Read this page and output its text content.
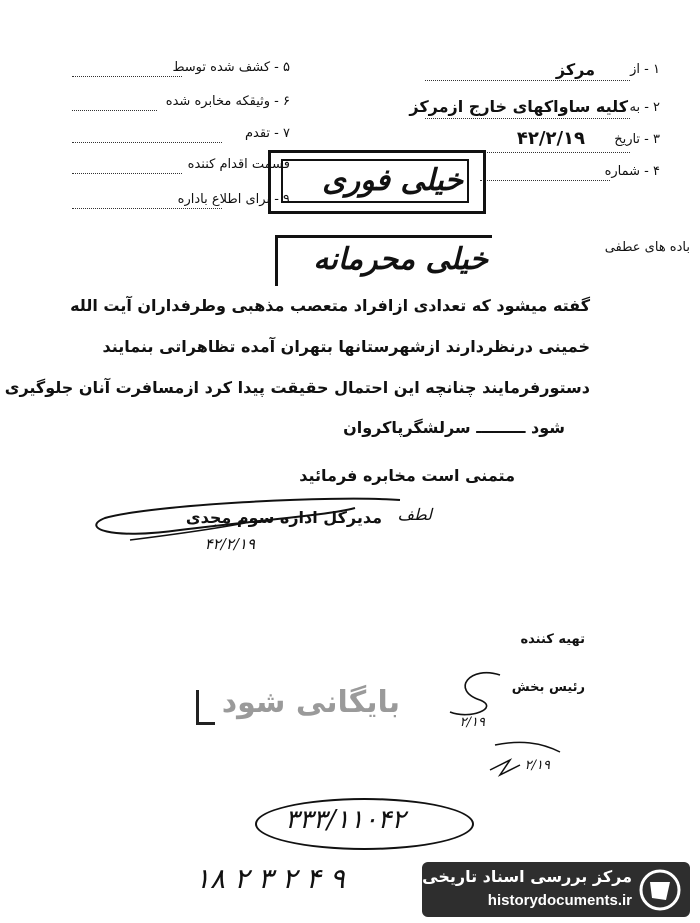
۵ - کشف شده توسط
۶ - وثیقکه مخابره شده
۷ - تقدم
قسمت اقدام کننده
۹ - برای اطلاع باداره
۱ - از
مرکز
۲ - به
کلیه ساواکهای خارج ازمرکز
۳ - تاریخ
۴۲/۲/۱۹
۴ - شماره
خیلی فوری
باده های عطفی
خیلی محرمانه
گفته میشود که تعدادی ازافراد متعصب مذهبی وطرفداران آیت الله
خمینی درنظردارند ازشهرستانها بتهران آمده تظاهراتی بنمایند
دستورفرمایند چنانچه این احتمال حقیقت پیدا کرد ازمسافرت آنان جلوگیری
شود ـــــــــ سرلشگرپاکروان
متمنی است مخابره فرمائید
لطف
مدیرکل اداره سوم مجدی
۴۲/۲/۱۹
تهیه کننده
رئیس بخش
۲/۱۹
۲/۱۹
بایگانی شود
۳۳۳/۱۱۰۴۲
۱۸ ۲ ۳ ۲ ۴ ۹	مرکز بررسی اسناد تاریخی
historydocuments.ir
